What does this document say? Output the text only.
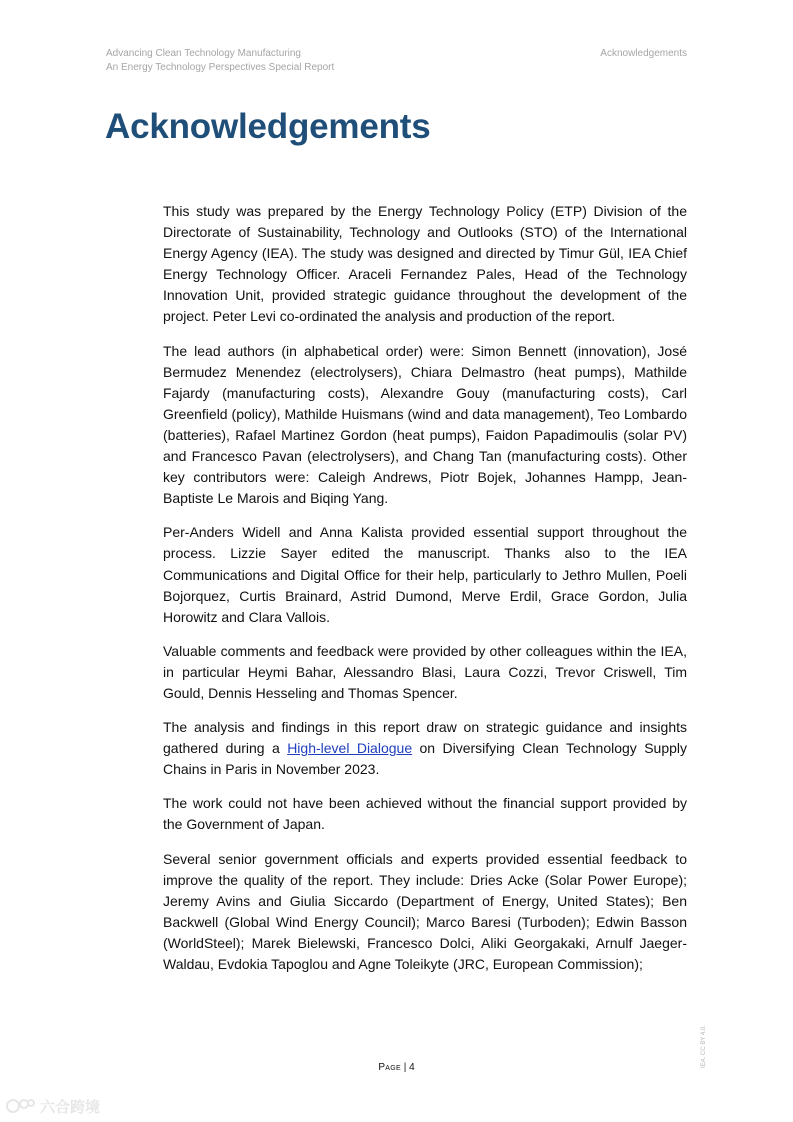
Advancing Clean Technology Manufacturing
An Energy Technology Perspectives Special Report
Acknowledgements
Acknowledgements

This study was prepared by the Energy Technology Policy (ETP) Division of the Directorate of Sustainability, Technology and Outlooks (STO) of the International Energy Agency (IEA). The study was designed and directed by Timur Gül, IEA Chief Energy Technology Officer. Araceli Fernandez Pales, Head of the Technology Innovation Unit, provided strategic guidance throughout the development of the project. Peter Levi co-ordinated the analysis and production of the report.

The lead authors (in alphabetical order) were: Simon Bennett (innovation), José Bermudez Menendez (electrolysers), Chiara Delmastro (heat pumps), Mathilde Fajardy (manufacturing costs), Alexandre Gouy (manufacturing costs), Carl Greenfield (policy), Mathilde Huismans (wind and data management), Teo Lombardo (batteries), Rafael Martinez Gordon (heat pumps), Faidon Papadimoulis (solar PV) and Francesco Pavan (electrolysers), and Chang Tan (manufacturing costs). Other key contributors were: Caleigh Andrews, Piotr Bojek, Johannes Hampp, Jean-Baptiste Le Marois and Biqing Yang.

Per-Anders Widell and Anna Kalista provided essential support throughout the process. Lizzie Sayer edited the manuscript. Thanks also to the IEA Communications and Digital Office for their help, particularly to Jethro Mullen, Poeli Bojorquez, Curtis Brainard, Astrid Dumond, Merve Erdil, Grace Gordon, Julia Horowitz and Clara Vallois.

Valuable comments and feedback were provided by other colleagues within the IEA, in particular Heymi Bahar, Alessandro Blasi, Laura Cozzi, Trevor Criswell, Tim Gould, Dennis Hesseling and Thomas Spencer.

The analysis and findings in this report draw on strategic guidance and insights gathered during a High-level Dialogue on Diversifying Clean Technology Supply Chains in Paris in November 2023.

The work could not have been achieved without the financial support provided by the Government of Japan.

Several senior government officials and experts provided essential feedback to improve the quality of the report. They include: Dries Acke (Solar Power Europe); Jeremy Avins and Giulia Siccardo (Department of Energy, United States); Ben Backwell (Global Wind Energy Council); Marco Baresi (Turboden); Edwin Basson (WorldSteel); Marek Bielewski, Francesco Dolci, Aliki Georgakaki, Arnulf Jaeger-Waldau, Evdokia Tapoglou and Agne Toleikyte (JRC, European Commission);

Page | 4	IEA. CC BY 4.0.
六合跨境
